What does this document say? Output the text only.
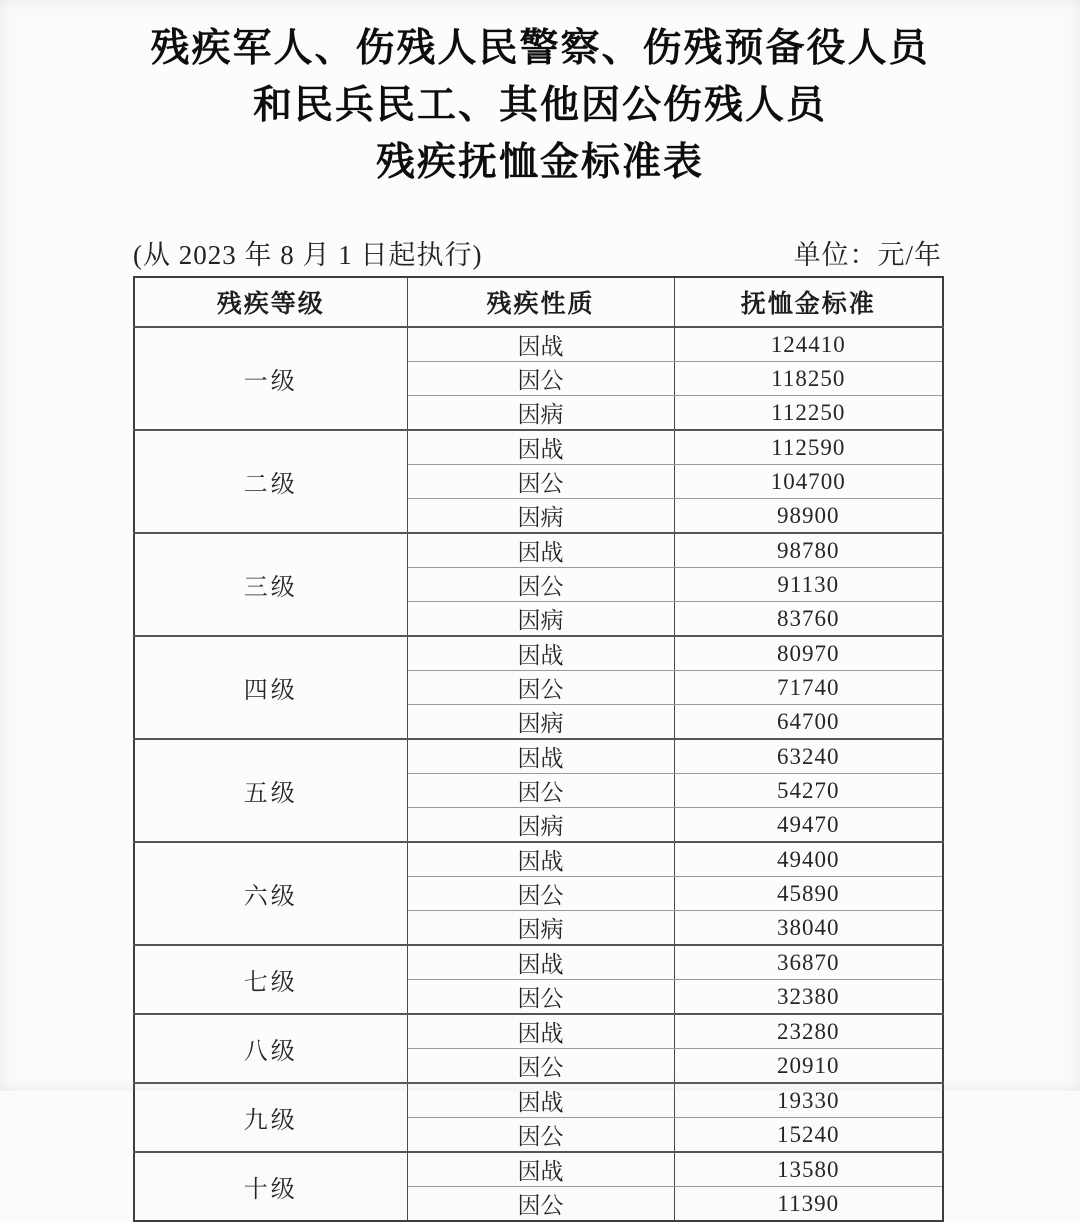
残疾军人、伤残人民警察、伤残预备役人员
和民兵民工、其他因公伤残人员
残疾抚恤金标准表
(从 2023 年 8 月 1 日起执行)	单位：元/年
残疾等级	残疾性质	抚恤金标准
一级	因战	124410
	因公	118250
	因病	112250
二级	因战	112590
	因公	104700
	因病	98900
三级	因战	98780
	因公	91130
	因病	83760
四级	因战	80970
	因公	71740
	因病	64700
五级	因战	63240
	因公	54270
	因病	49470
六级	因战	49400
	因公	45890
	因病	38040
七级	因战	36870
	因公	32380
八级	因战	23280
	因公	20910
九级	因战	19330
	因公	15240
十级	因战	13580
	因公	11390
